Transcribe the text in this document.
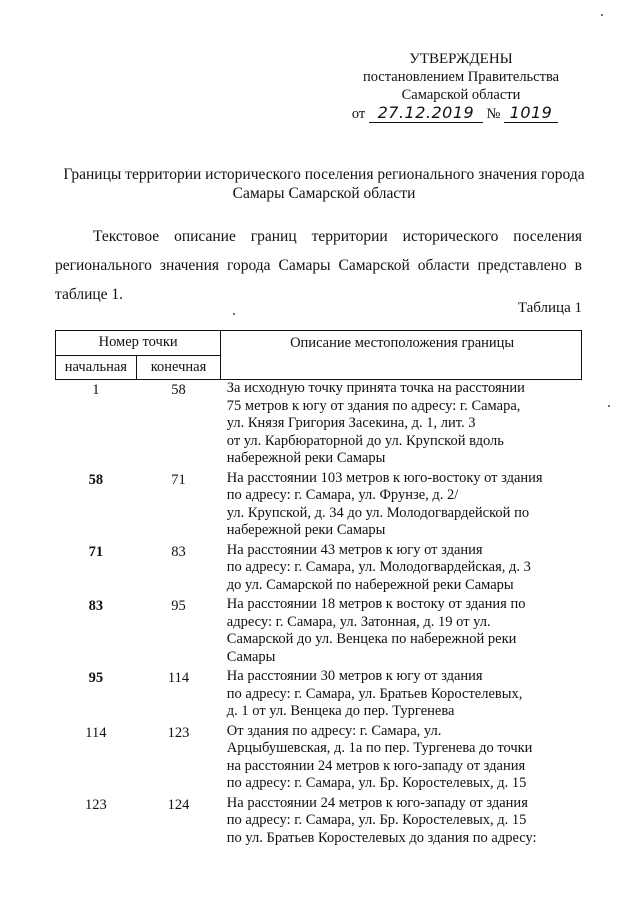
УТВЕРЖДЕНЫ
постановлением Правительства
Самарской области
от 27.12.2019 № 1019
Границы территории исторического поселения регионального значения города
Самары Самарской области
Текстовое описание границ территории исторического поселения регионального значения города Самары Самарской области представлено в таблице 1.
Таблица 1
Номер точки		Описание местоположения границы
начальная	конечная	
1	58	За исходную точку принята точка на расстоянии
75 метров к югу от здания по адресу: г. Самара,
ул. Князя Григория Засекина, д. 1, лит. 3
от ул. Карбюраторной до ул. Крупской вдоль
набережной реки Самары

58	71	На расстоянии 103 метров к юго-востоку от здания
по адресу: г. Самара, ул. Фрунзе, д. 2/
ул. Крупской, д. 34 до ул. Молодогвардейской по
набережной реки Самары

71	83	На расстоянии 43 метров к югу от здания
по адресу: г. Самара, ул. Молодогвардейская, д. 3
до ул. Самарской по набережной реки Самары

83	95	На расстоянии 18 метров к востоку от здания по
адресу: г. Самара, ул. Затонная, д. 19 от ул.
Самарской до ул. Венцека по набережной реки
Самары

95	114	На расстоянии 30 метров к югу от здания
по адресу: г. Самара, ул. Братьев Коростелевых,
д. 1 от ул. Венцека до пер. Тургенева

114	123	От здания по адресу: г. Самара, ул.
Арцыбушевская, д. 1а по пер. Тургенева до точки
на расстоянии 24 метров к юго-западу от здания
по адресу: г. Самара, ул. Бр. Коростелевых, д. 15

123	124	На расстоянии 24 метров к юго-западу от здания
по адресу: г. Самара, ул. Бр. Коростелевых, д. 15
по ул. Братьев Коростелевых до здания по адресу:
